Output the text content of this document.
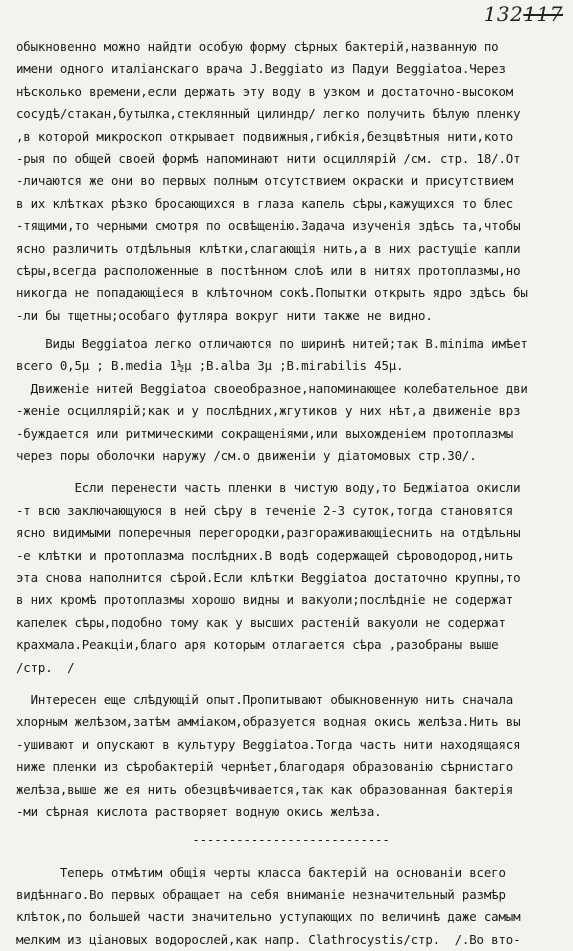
132117
обыкновенно можно найдти особую форму сѣрных бактерій,названную по
имени одного италіанскаго врача J.Beggiato из Падуи Beggiatoa.Через
нѣсколько времени,если держать эту воду в узком и достаточно-высоком
сосудѣ/стакан,бутылка,стеклянный цилиндр/ легко получить бѣлую пленку
,в которой микроскоп открывает подвижныя,гибкія,безцвѣтныя нити,кото
-рыя по общей своей формѣ напоминают нити осциллярій /см. стр. 18/.От
-личаются же они во первых полным отсутствием окраски и присутствием
в их клѣтках рѣзко бросающихся в глаза капель сѣры,кажущихся то блес
-тящими,то черными смотря по освѣщенію.Задача изученія здѣсь та,чтобы
ясно различить отдѣльныя клѣтки,слагающія нить,а в них растущіе капли
сѣры,всегда расположенные в постѣнном слоѣ или в нитях протоплазмы,но
никогда не попадающіеся в клѣточном сокѣ.Попытки открыть ядро здѣсь бы
-ли бы тщетны;особаго футляра вокруг нити также не видно.
Виды Beggiatoa легко отличаются по ширинѣ нитей;так B.minima имѣет
всего 0,5μ ; B.media 1½μ ;B.alba 3μ ;B.mirabilis 45μ.
Движеніе нитей Beggiatoa своеобразное,напоминающее колебательное дви
-женіе осциллярій;как и у послѣдних,жгутиков у них нѣт,а движеніе врз
-буждается или ритмическими сокращеніями,или выхожденіем протоплазмы
через поры оболочки наружу /см.о движеніи у діатомовых стр.30/.
Если перенести часть пленки в чистую воду,то Беджіатоа окисли
-т всю заключающуюся в ней сѣру в теченіе 2-3 суток,тогда становятся
ясно видимыми поперечныя перегородки,разгораживающіеснить на отдѣльны
-е клѣтки и протоплазма послѣдних.В водѣ содержащей сѣроводород,нить
эта снова наполнится сѣрой.Если клѣтки Beggiatoa достаточно крупны,то
в них кромѣ протоплазмы хорошо видны и вакуоли;послѣдніе не содержат
капелек сѣры,подобно тому как у высших растеній вакуоли не содержат
крахмала.Реакціи,благо аря которым отлагается сѣра ,разобраны выше
/стр.  /
Интересен еще слѣдующій опыт.Пропитывают обыкновенную нить сначала
хлорным желѣзом,затѣм аммiаком,образуется водная окись желѣза.Нить вы
-ушивают и опускают в культуру Beggiatoa.Тогда часть нити находящаяся
ниже пленки из сѣробактерій чернѣет,благодаря образованію сѣрнистаго
желѣза,выше же ея нить обезцвѣчивается,так как образованная бактерія
-ми сѣрная кислота растворяет водную окись желѣза.
---------------------------
Теперь отмѣтим общія черты класса бактерій на основаніи всего
видѣннаго.Во первых обращает на себя вниманіе незначительный размѣр
клѣток,по большей части значительно уступающих по величинѣ даже самым
мелким из ціановых водорослей,как напр. Clathrocystis/стр.  /.Во вто-
